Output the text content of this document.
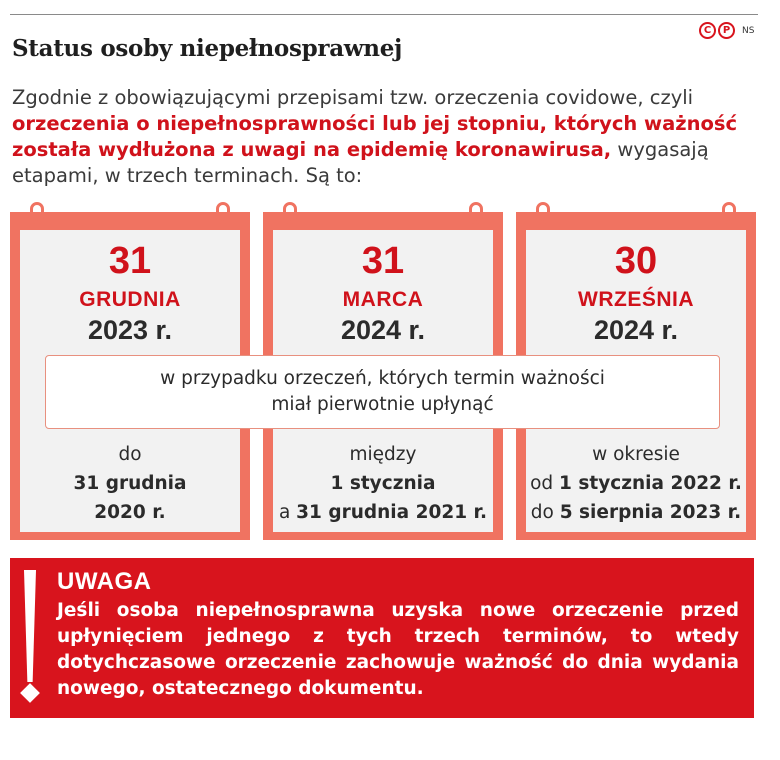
C	P	NS
Status osoby niepełnosprawnej
Zgodnie z obowiązującymi przepisami tzw. orzeczenia covidowe, czyli orzeczenia o niepełnosprawności lub jej stopniu, których ważność została wydłużona z uwagi na epidemię koronawirusa, wygasają etapami, w trzech terminach. Są to:
31
GRUDNIA
2023 r.
31
MARCA
2024 r.
30
WRZEŚNIA
2024 r.
w przypadku orzeczeń, których termin ważności
miał pierwotnie upłynąć
do
31 grudnia
2020 r.
między
1 stycznia
a 31 grudnia 2021 r.
w okresie
od 1 stycznia 2022 r.
do 5 sierpnia 2023 r.
UWAGA
Jeśli osoba niepełnosprawna uzyska nowe orzeczenie przed upłynięciem jednego z tych trzech terminów, to wtedy dotychczasowe orzeczenie zachowuje ważność do dnia wydania nowego, ostatecznego dokumentu.
